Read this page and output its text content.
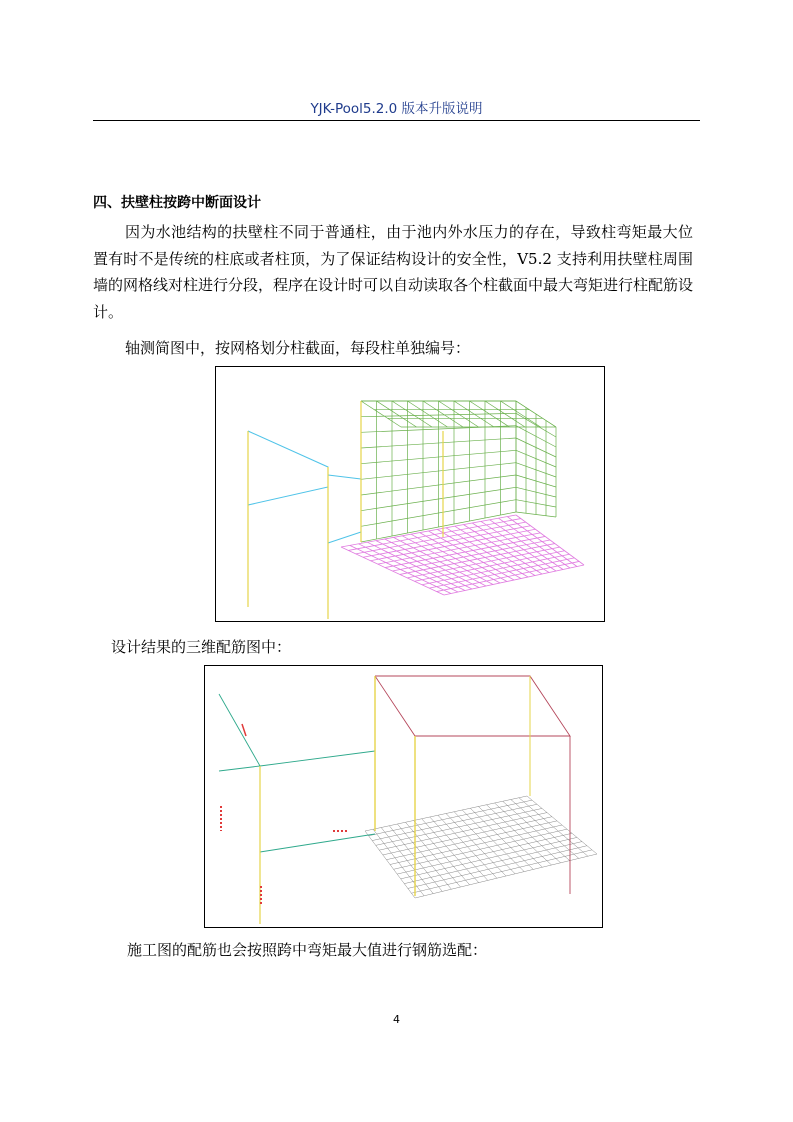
YJK-Pool5.2.0 版本升版说明
四、扶壁柱按跨中断面设计
因为水池结构的扶壁柱不同于普通柱，由于池内外水压力的存在，导致柱弯矩最大位置有时不是传统的柱底或者柱顶，为了保证结构设计的安全性，V5.2 支持利用扶壁柱周围墙的网格线对柱进行分段，程序在设计时可以自动读取各个柱截面中最大弯矩进行柱配筋设计。
轴测简图中，按网格划分柱截面，每段柱单独编号：
设计结果的三维配筋图中：
施工图的配筋也会按照跨中弯矩最大值进行钢筋选配：
4
